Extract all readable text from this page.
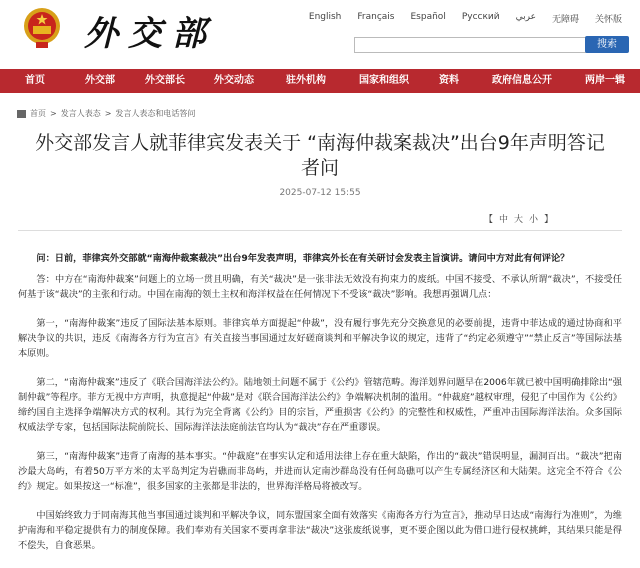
外交部	English	Français	Español	Русский	عربي	无障碍	关怀版
搜索
首页	外交部	外交部长	外交动态	驻外机构	国家和组织	资料	政府信息公开	两岸一辑
首页 > 发言人表态 > 发言人表态和电话答问
外交部发言人就菲律宾发表关于 “南海仲裁案裁决”出台9年声明答记者问
2025-07-12 15:55
【 中 大 小 】

问：日前，菲律宾外交部就“南海仲裁案裁决”出台9年发表声明，菲律宾外长在有关研讨会发表主旨演讲。请问中方对此有何评论？

答：中方在“南海仲裁案”问题上的立场一贯且明确，有关“裁决”是一张非法无效没有拘束力的废纸。中国不接受、不承认所谓“裁决”，不接受任何基于该“裁决”的主张和行动。中国在南海的领土主权和海洋权益在任何情况下不受该“裁决”影响。我想再强调几点：

第一，“南海仲裁案”违反了国际法基本原则。菲律宾单方面提起“仲裁”，没有履行事先充分交换意见的必要前提，违背中菲达成的通过协商和平解决争议的共识，违反《南海各方行为宣言》有关直接当事国通过友好磋商谈判和平解决争议的规定，违背了“约定必须遵守”“禁止反言”等国际法基本原则。

第二，“南海仲裁案”违反了《联合国海洋法公约》。陆地领土问题不属于《公约》管辖范畴。海洋划界问题早在2006年就已被中国明确排除出“强制仲裁”等程序。菲方无视中方声明，执意提起“仲裁”是对《联合国海洋法公约》争端解决机制的滥用。“仲裁庭”越权审理，侵犯了中国作为《公约》缔约国自主选择争端解决方式的权利。其行为完全背离《公约》目的宗旨，严重损害《公约》的完整性和权威性，严重冲击国际海洋法治。众多国际权威法学专家，包括国际法院前院长、国际海洋法法庭前法官均认为“裁决”存在严重谬误。

第三，“南海仲裁案”违背了南海的基本事实。“仲裁庭”在事实认定和适用法律上存在重大缺陷，作出的“裁决”错误明显，漏洞百出。“裁决”把南沙最大岛屿，有着50万平方米的太平岛判定为岩礁而非岛屿，并进而认定南沙群岛没有任何岛礁可以产生专属经济区和大陆架。这完全不符合《公约》规定。如果按这一“标准”，很多国家的主张都是非法的，世界海洋格局将被改写。

中国始终致力于同南海其他当事国通过谈判和平解决争议，同东盟国家全面有效落实《南海各方行为宣言》，推动早日达成“南海行为准则”，为维护南海和平稳定提供有力的制度保障。我们奉劝有关国家不要再拿非法“裁决”这张废纸说事，更不要企图以此为借口进行侵权挑衅，其结果只能是得不偿失，自食恶果。
